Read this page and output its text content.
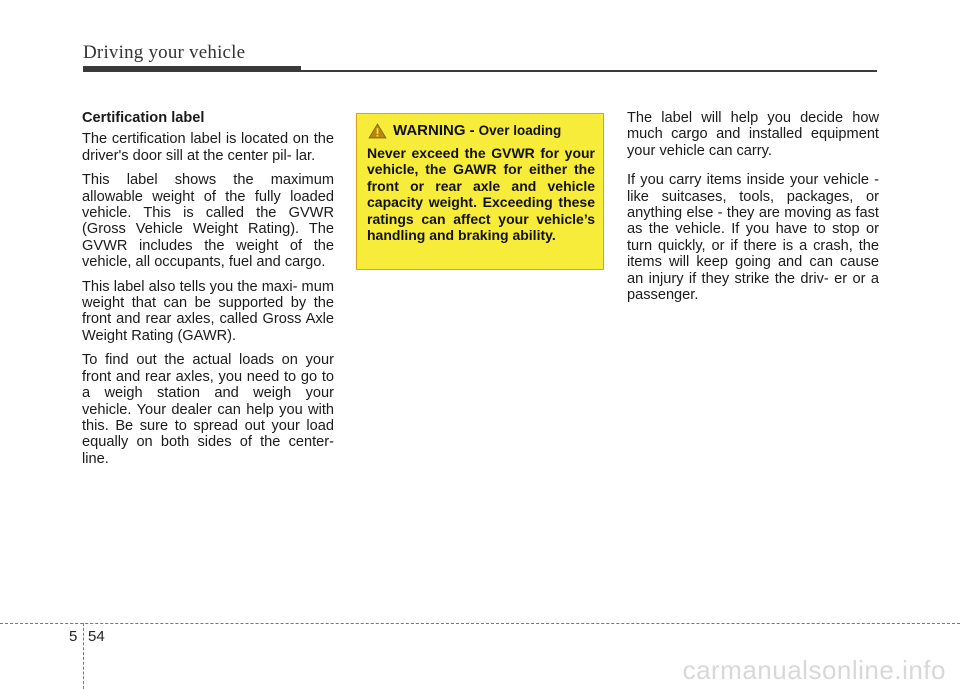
Driving your vehicle

Certification label

The certification label is located on the driver's door sill at the center pil- lar.

This label shows the maximum allowable weight of the fully loaded vehicle. This is called the GVWR (Gross Vehicle Weight Rating). The GVWR includes the weight of the vehicle, all occupants, fuel and cargo.

This label also tells you the maxi- mum weight that can be supported by the front and rear axles, called Gross Axle Weight Rating (GAWR).

To find out the actual loads on your front and rear axles, you need to go to a weigh station and weigh your vehicle. Your dealer can help you with this. Be sure to spread out your load equally on both sides of the center- line.

WARNING - Over loading

Never exceed the GVWR for your vehicle, the GAWR for either the front or rear axle and vehicle capacity weight. Exceeding these ratings can affect your vehicle’s handling and braking ability.

The label will help you decide how much cargo and installed equipment your vehicle can carry.

If you carry items inside your vehicle - like suitcases, tools, packages, or anything else - they are moving as fast as the vehicle. If you have to stop or turn quickly, or if there is a crash, the items will keep going and can cause an injury if they strike the driv- er or a passenger.

5 54
carmanualsonline.info
